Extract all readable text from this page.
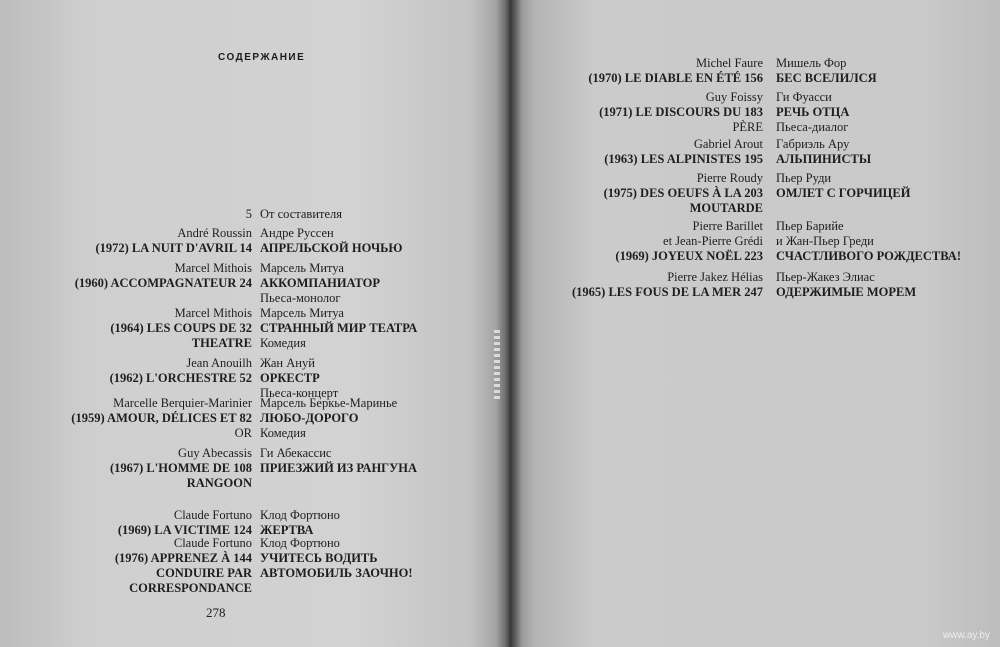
СОДЕРЖАНИЕ
278
5 От составителя
André Roussin
(1972) LA NUIT D'AVRIL 14
Андре Руссен
АПРЕЛЬСКОЙ НОЧЬЮ
Marcel Mithois
(1960) ACCOMPAGNATEUR 24
Марсель Митуа
АККОМПАНИАТОР
Пьеса-монолог
Marcel Mithois
(1964) LES COUPS DE 32
THEATRE
Марсель Митуа
СТРАННЫЙ МИР ТЕАТРА
Комедия
Jean Anouilh
(1962) L'ORCHESTRE 52
Жан Ануй
ОРКЕСТР
Пьеса-концерт
Marcelle Berquier-Marinier
(1959) AMOUR, DÉLICES ET 82
OR
Марсель Беркье-Маринье
ЛЮБО-ДОРОГО
Комедия
Guy Abecassis
(1967) L'HOMME DE 108
RANGOON
Ги Абекассис
ПРИЕЗЖИЙ ИЗ РАНГУНА
Claude Fortuno
(1969) LA VICTIME 124
Клод Фортюно
ЖЕРТВА
Claude Fortuno
(1976) APPRENEZ À 144
CONDUIRE PAR
CORRESPONDANCE
Клод Фортюно
УЧИТЕСЬ ВОДИТЬ
АВТОМОБИЛЬ ЗАОЧНО!
Michel Faure
(1970) LE DIABLE EN ÉTÉ 156
Мишель Фор
БЕС ВСЕЛИЛСЯ
Guy Foissy
(1971) LE DISCOURS DU 183
PÈRE
Ги Фуасси
РЕЧЬ ОТЦА
Пьеса-диалог
Gabriel Arout
(1963) LES ALPINISTES 195
Габриэль Ару
АЛЬПИНИСТЫ
Pierre Roudy
(1975) DES OEUFS À LA 203
MOUTARDE
Пьер Руди
ОМЛЕТ С ГОРЧИЦЕЙ
Pierre Barillet
et Jean-Pierre Grédi
(1969) JOYEUX NOËL 223
Пьер Барийе
и Жан-Пьер Греди
СЧАСТЛИВОГО РОЖДЕСТВА!
Pierre Jakez Hélias
(1965) LES FOUS DE LA MER 247
Пьер-Жакез Элиас
ОДЕРЖИМЫЕ МОРЕМ
www.ay.by
